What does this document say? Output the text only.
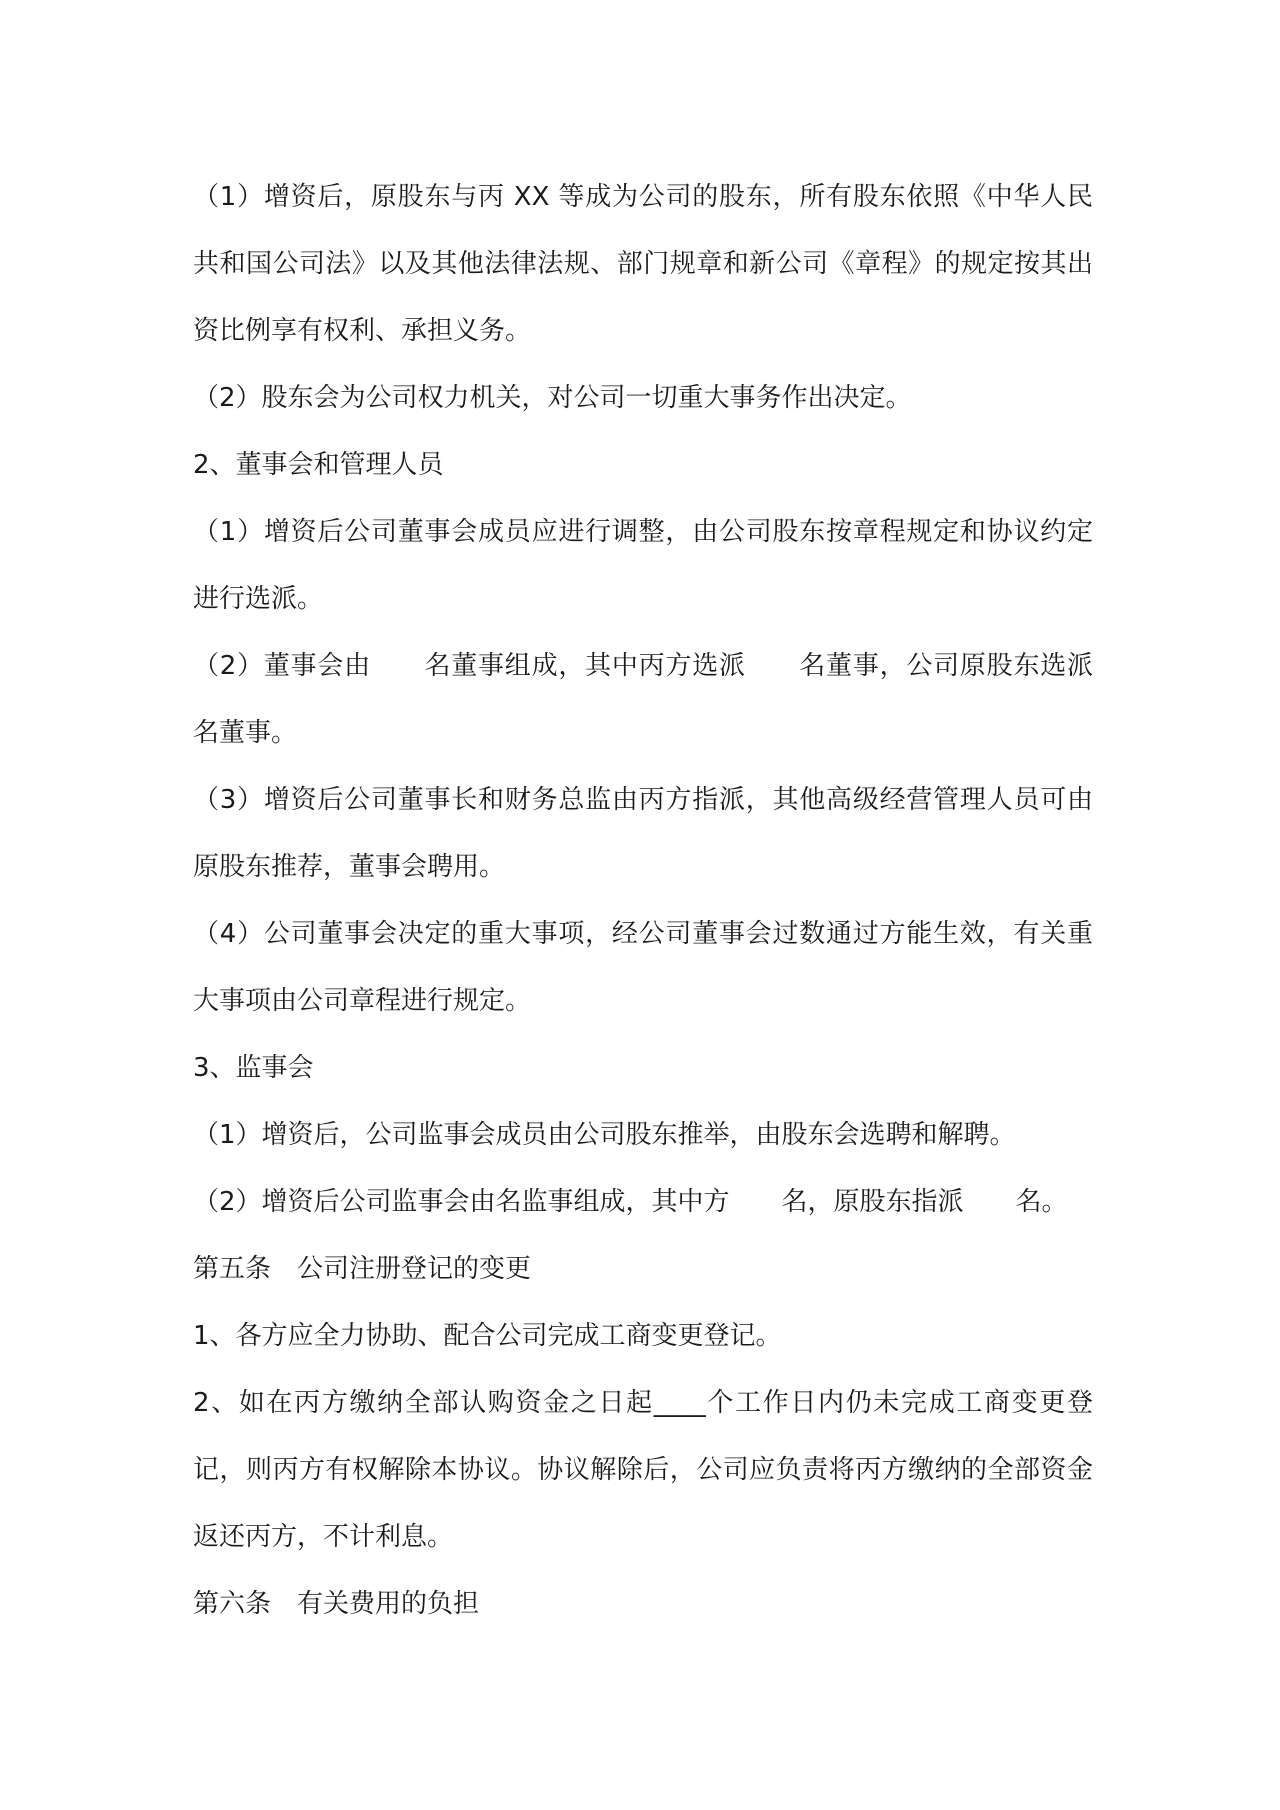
（1）增资后，原股东与丙 XX 等成为公司的股东，所有股东依照《中华人民共和国公司法》以及其他法律法规、部门规章和新公司《章程》的规定按其出资比例享有权利、承担义务。

（2）股东会为公司权力机关，对公司一切重大事务作出决定。

2、董事会和管理人员

（1）增资后公司董事会成员应进行调整，由公司股东按章程规定和协议约定进行选派。

（2）董事会由　　名董事组成，其中丙方选派　　名董事，公司原股东选派　　名董事。

（3）增资后公司董事长和财务总监由丙方指派，其他高级经营管理人员可由原股东推荐，董事会聘用。

（4）公司董事会决定的重大事项，经公司董事会过数通过方能生效，有关重大事项由公司章程进行规定。

3、监事会

（1）增资后，公司监事会成员由公司股东推举，由股东会选聘和解聘。

（2）增资后公司监事会由名监事组成，其中方　　名，原股东指派　　名。

第五条　公司注册登记的变更

1、各方应全力协助、配合公司完成工商变更登记。

2、如在丙方缴纳全部认购资金之日起____个工作日内仍未完成工商变更登记，则丙方有权解除本协议。协议解除后，公司应负责将丙方缴纳的全部资金返还丙方，不计利息。

第六条　有关费用的负担
